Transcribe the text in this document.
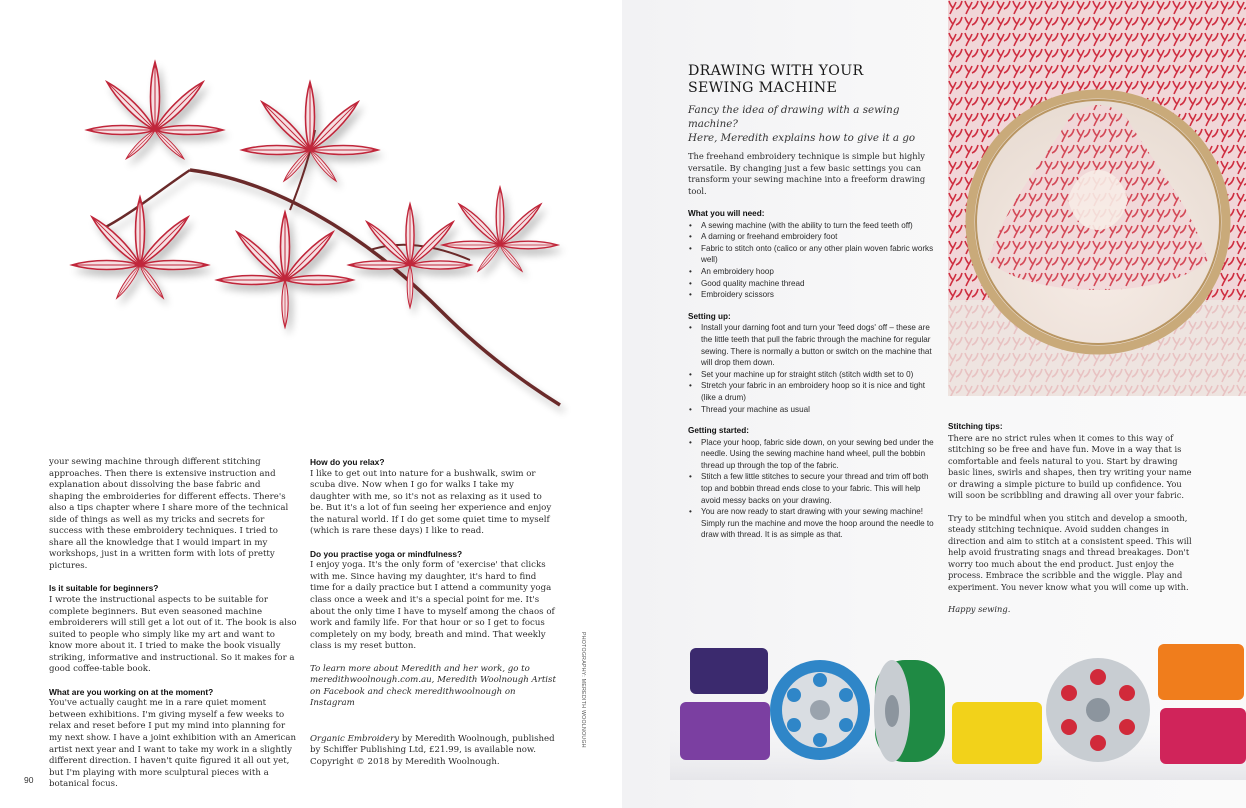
your sewing machine through different stitching approaches. Then there is extensive instruction and explanation about dissolving the base fabric and shaping the embroideries for different effects. There's also a tips chapter where I share more of the technical side of things as well as my tricks and secrets for success with these embroidery techniques. I tried to share all the knowledge that I would impart in my workshops, just in a written form with lots of pretty pictures.

Is it suitable for beginners?

I wrote the instructional aspects to be suitable for complete beginners. But even seasoned machine embroiderers will still get a lot out of it. The book is also suited to people who simply like my art and want to know more about it. I tried to make the book visually striking, informative and instructional. So it makes for a good coffee-table book.

What are you working on at the moment?

You've actually caught me in a rare quiet moment between exhibitions. I'm giving myself a few weeks to relax and reset before I put my mind into planning for my next show. I have a joint exhibition with an American artist next year and I want to take my work in a slightly different direction. I haven't quite figured it all out yet, but I'm playing with more sculptural pieces with a botanical focus.

How do you relax?

I like to get out into nature for a bushwalk, swim or scuba dive. Now when I go for walks I take my daughter with me, so it's not as relaxing as it used to be. But it's a lot of fun seeing her experience and enjoy the natural world. If I do get some quiet time to myself (which is rare these days) I like to read.

Do you practise yoga or mindfulness?

I enjoy yoga. It's the only form of 'exercise' that clicks with me. Since having my daughter, it's hard to find time for a daily practice but I attend a community yoga class once a week and it's a special point for me. It's about the only time I have to myself among the chaos of work and family life. For that hour or so I get to focus completely on my body, breath and mind. That weekly class is my reset button.

To learn more about Meredith and her work, go to meredithwoolnough.com.au, Meredith Woolnough Artist on Facebook and check meredithwoolnough on Instagram

Organic Embroidery by Meredith Woolnough, published by Schiffer Publishing Ltd, £21.99, is available now.
Copyright © 2018 by Meredith Woolnough.

PHOTOGRAPHY: MEREDITH WOOLNOUGH
90
DRAWING WITH YOUR
SEWING MACHINE
Fancy the idea of drawing with a sewing machine?
Here, Meredith explains how to give it a go

The freehand embroidery technique is simple but highly versatile. By changing just a few basic settings you can transform your sewing machine into a freeform drawing tool.

What you will need:
• A sewing machine (with the ability to turn the feed teeth off)
• A darning or freehand embroidery foot
• Fabric to stitch onto (calico or any other plain woven fabric works well)
• An embroidery hoop
• Good quality machine thread
• Embroidery scissors
Setting up:
• Install your darning foot and turn your 'feed dogs' off – these are the little teeth that pull the fabric through the machine for regular sewing. There is normally a button or switch on the machine that will drop them down.
• Set your machine up for straight stitch (stitch width set to 0)
• Stretch your fabric in an embroidery hoop so it is nice and tight (like a drum)
• Thread your machine as usual
Getting started:
• Place your hoop, fabric side down, on your sewing bed under the needle. Using the sewing machine hand wheel, pull the bobbin thread up through the top of the fabric.
• Stitch a few little stitches to secure your thread and trim off both top and bobbin thread ends close to your fabric. This will help avoid messy backs on your drawing.
• You are now ready to start drawing with your sewing machine! Simply run the machine and move the hoop around the needle to draw with thread. It is as simple as that.
Stitching tips:

There are no strict rules when it comes to this way of stitching so be free and have fun. Move in a way that is comfortable and feels natural to you. Start by drawing basic lines, swirls and shapes, then try writing your name or drawing a simple picture to build up confidence. You will soon be scribbling and drawing all over your fabric.

Try to be mindful when you stitch and develop a smooth, steady stitching technique. Avoid sudden changes in direction and aim to stitch at a consistent speed. This will help avoid frustrating snags and thread breakages. Don't worry too much about the end product. Just enjoy the process. Embrace the scribble and the wiggle. Play and experiment. You never know what you will come up with.

Happy sewing.
